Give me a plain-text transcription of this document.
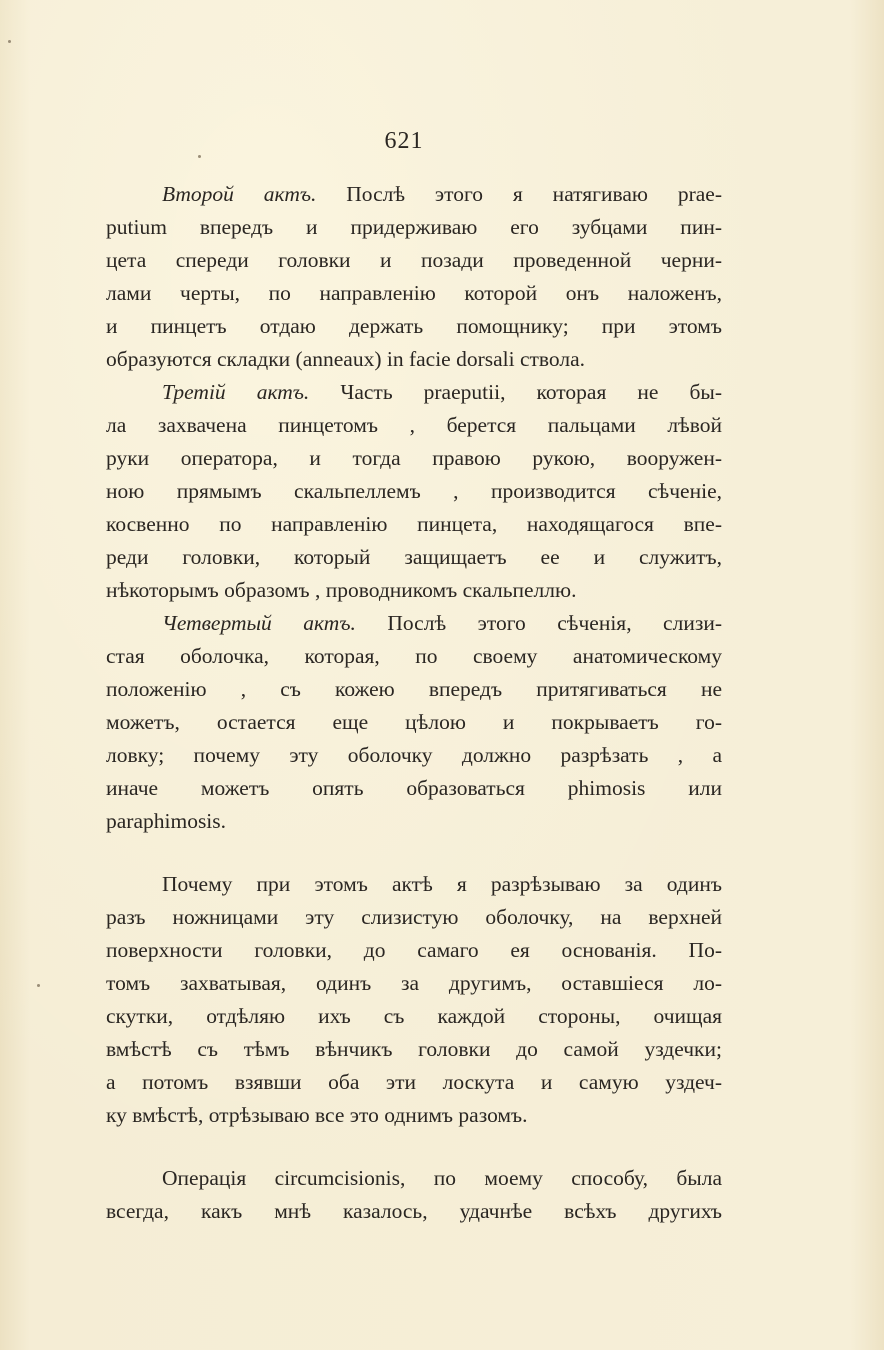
621
Второй актъ. Послѣ этого я натягиваю prae-
putium впередъ и придерживаю его зубцами пин-
цета спереди головки и позади проведенной черни-
лами черты, по направленію которой онъ наложенъ,
и пинцетъ отдаю держать помощнику; при этомъ
образуются складки (anneaux) in facie dorsali ствола.
Третій актъ. Часть praeputii, которая не бы-
ла захвачена пинцетомъ , берется пальцами лѣвой
руки оператора, и тогда правою рукою, вооружен-
ною прямымъ скальпеллемъ , производится сѣченіе,
косвенно по направленію пинцета, находящагося впе-
реди головки, который защищаетъ ее и служитъ,
нѣкоторымъ образомъ , проводникомъ скальпеллю.
Четвертый актъ. Послѣ этого сѣченія, слизи-
стая оболочка, которая, по своему анатомическому
положенію , съ кожею впередъ притягиваться не
можетъ, остается еще цѣлою и покрываетъ го-
ловку; почему эту оболочку должно разрѣзать , а
иначе можетъ опять образоваться phimosis или
paraphimosis.
Почему при этомъ актѣ я разрѣзываю за одинъ
разъ ножницами эту слизистую оболочку, на верхней
поверхности головки, до самаго ея основанія. По-
томъ захватывая, одинъ за другимъ, оставшіеся ло-
скутки, отдѣляю ихъ съ каждой стороны, очищая
вмѣстѣ съ тѣмъ вѣнчикъ головки до самой уздечки;
а потомъ взявши оба эти лоскута и самую уздеч-
ку вмѣстѣ, отрѣзываю все это однимъ разомъ.
Операція circumcisionis, по моему способу, была
всегда, какъ мнѣ казалось, удачнѣе всѣхъ другихъ
